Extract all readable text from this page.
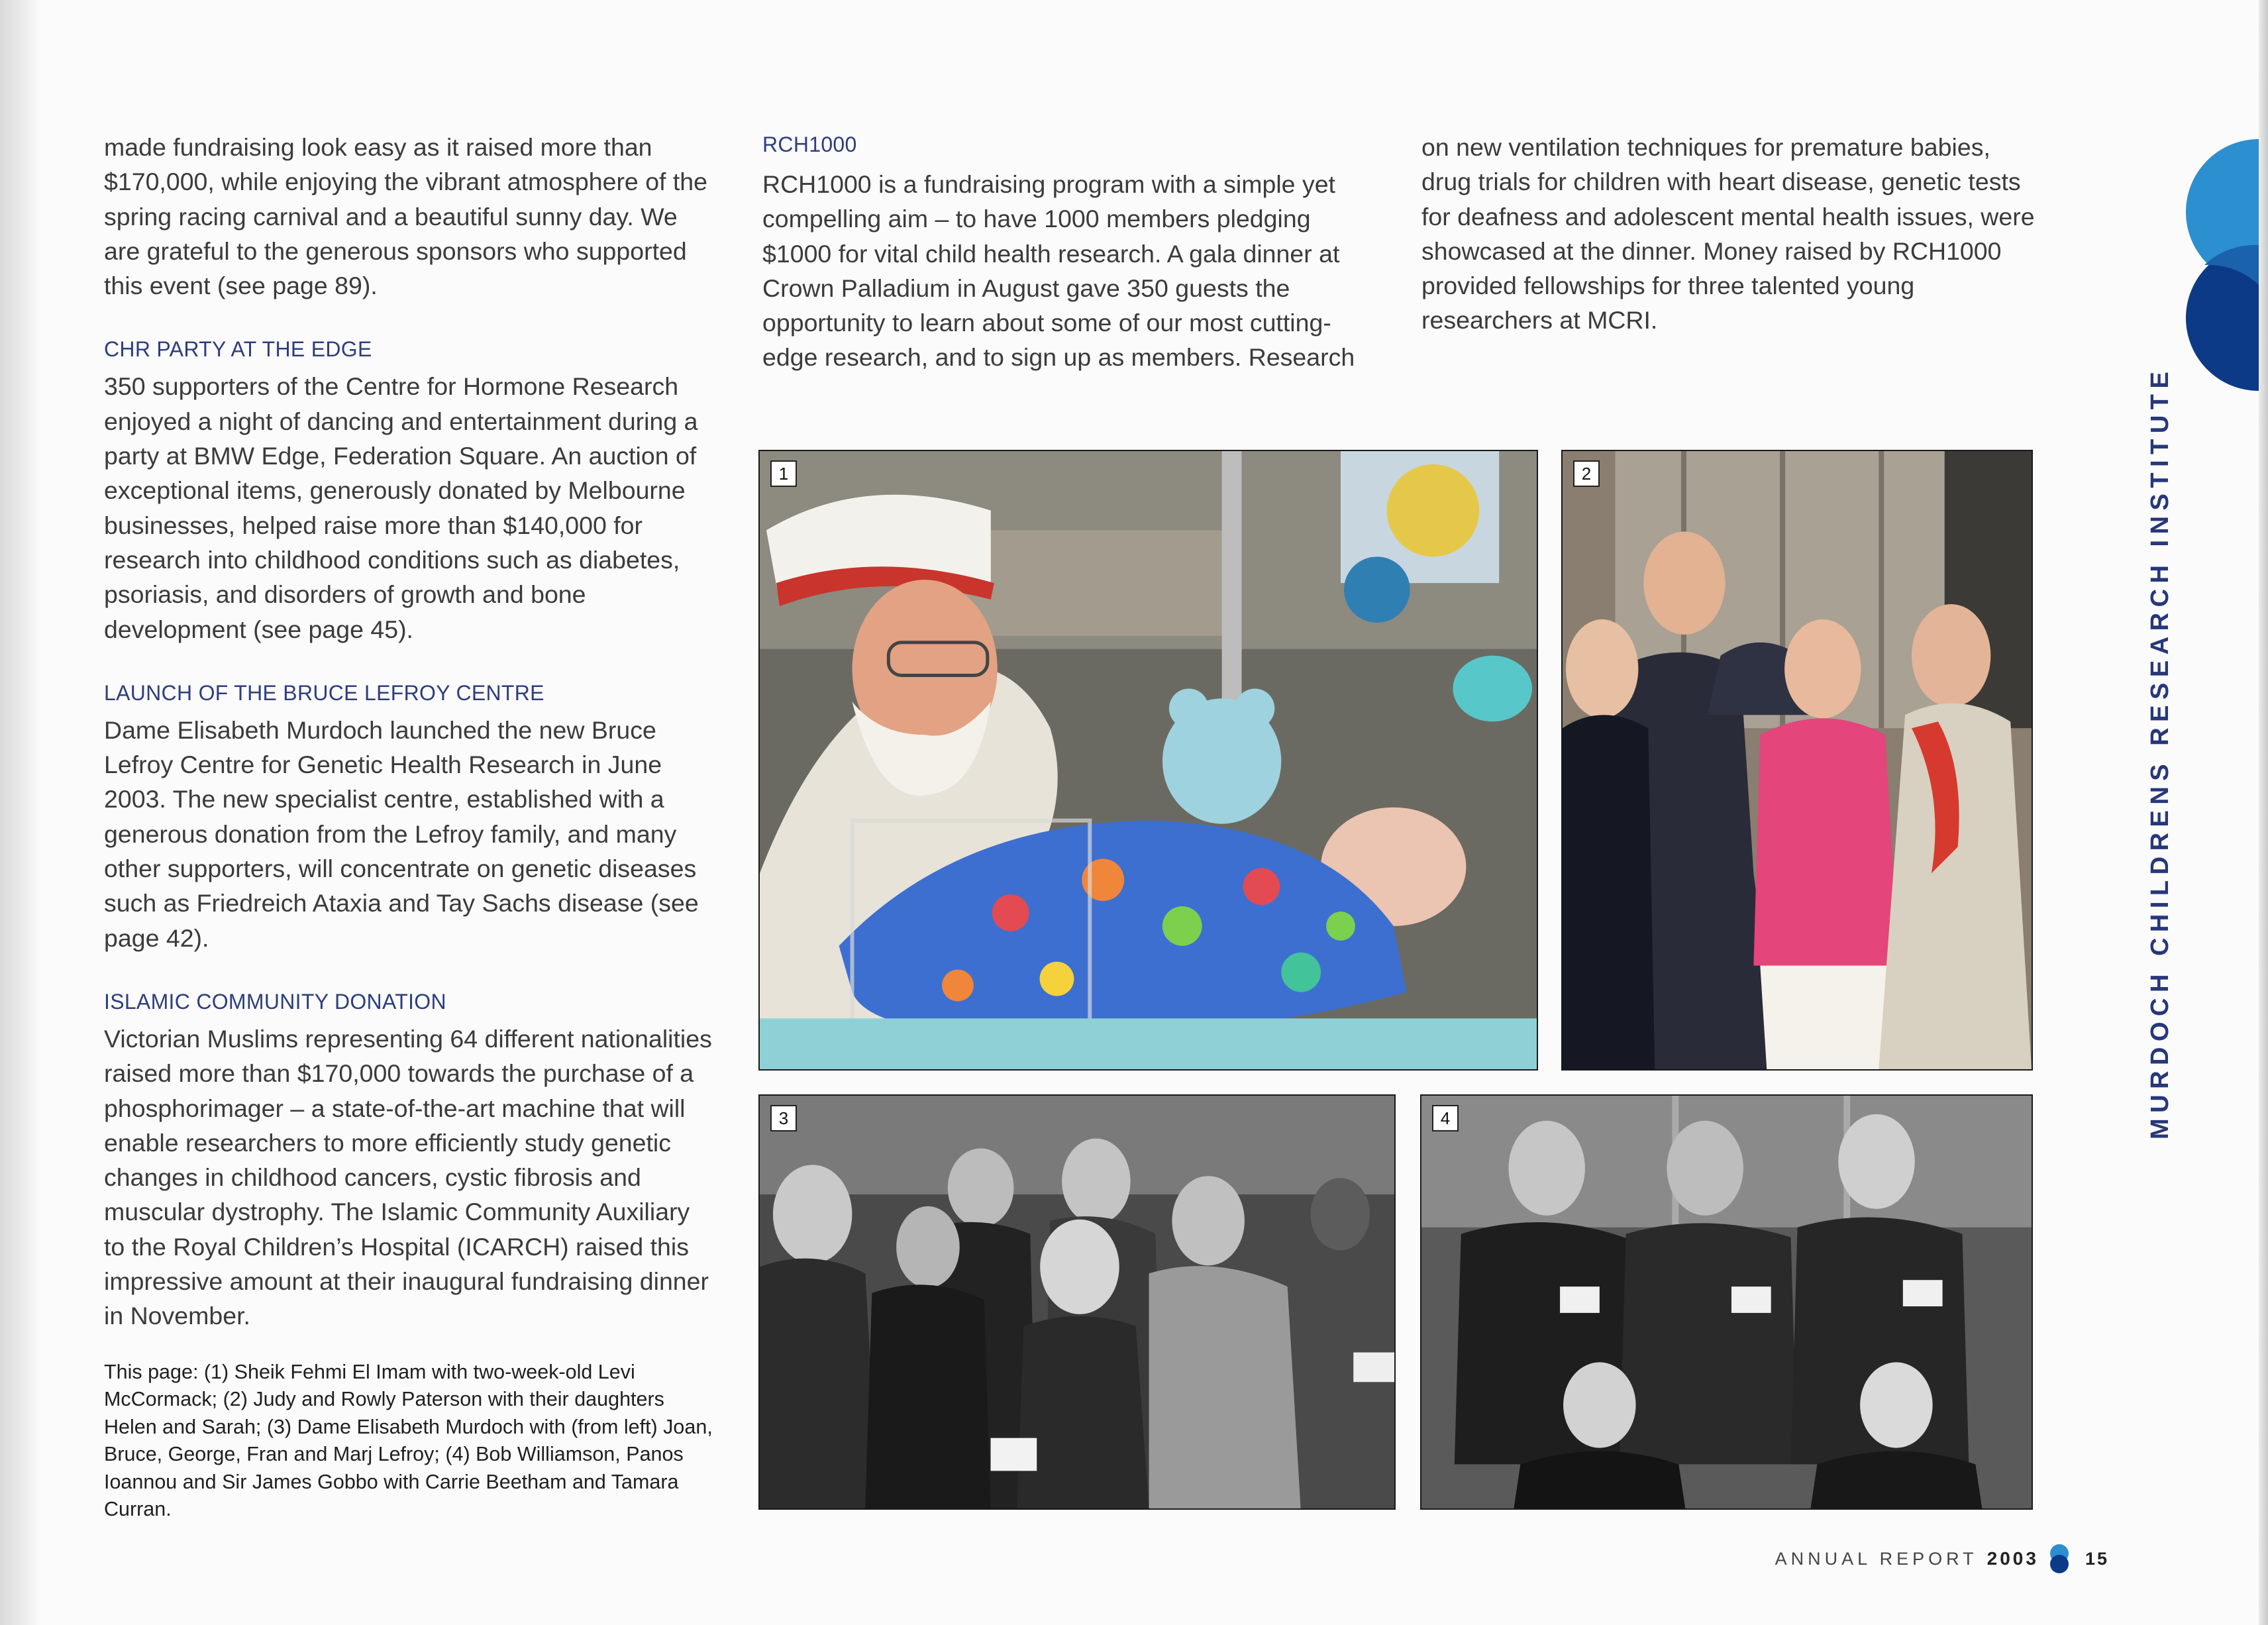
made fundraising look easy as it raised more than $170,000, while enjoying the vibrant atmosphere of the spring racing carnival and a beautiful sunny day. We are grateful to the generous sponsors who supported this event (see page 89).

CHR PARTY AT THE EDGE

350 supporters of the Centre for Hormone Research enjoyed a night of dancing and entertainment during a party at BMW Edge, Federation Square. An auction of exceptional items, generously donated by Melbourne businesses, helped raise more than $140,000 for research into childhood conditions such as diabetes, psoriasis, and disorders of growth and bone development (see page 45).

LAUNCH OF THE BRUCE LEFROY CENTRE

Dame Elisabeth Murdoch launched the new Bruce Lefroy Centre for Genetic Health Research in June 2003. The new specialist centre, established with a generous donation from the Lefroy family, and many other supporters, will concentrate on genetic diseases such as Friedreich Ataxia and Tay Sachs disease (see page 42).

ISLAMIC COMMUNITY DONATION

Victorian Muslims representing 64 different nationalities raised more than $170,000 towards the purchase of a phosphorimager – a state-of-the-art machine that will enable researchers to more efficiently study genetic changes in childhood cancers, cystic fibrosis and muscular dystrophy. The Islamic Community Auxiliary to the Royal Children’s Hospital (ICARCH) raised this impressive amount at their inaugural fundraising dinner in November.

This page: (1) Sheik Fehmi El Imam with two-week-old Levi McCormack; (2) Judy and Rowly Paterson with their daughters Helen and Sarah; (3) Dame Elisabeth Murdoch with (from left) Joan, Bruce, George, Fran and Marj Lefroy; (4) Bob Williamson, Panos Ioannou and Sir James Gobbo with Carrie Beetham and Tamara Curran.

RCH1000

RCH1000 is a fundraising program with a simple yet compelling aim – to have 1000 members pledging $1000 for vital child health research. A gala dinner at Crown Palladium in August gave 350 guests the opportunity to learn about some of our most cutting-edge research, and to sign up as members. Research

on new ventilation techniques for premature babies, drug trials for children with heart disease, genetic tests for deafness and adolescent mental health issues, were showcased at the dinner. Money raised by RCH1000 provided fellowships for three talented young researchers at MCRI.

1	2
3	4	MURDOCH CHILDRENS RESEARCH INSTITUTE
ANNUAL REPORT 2003	15
